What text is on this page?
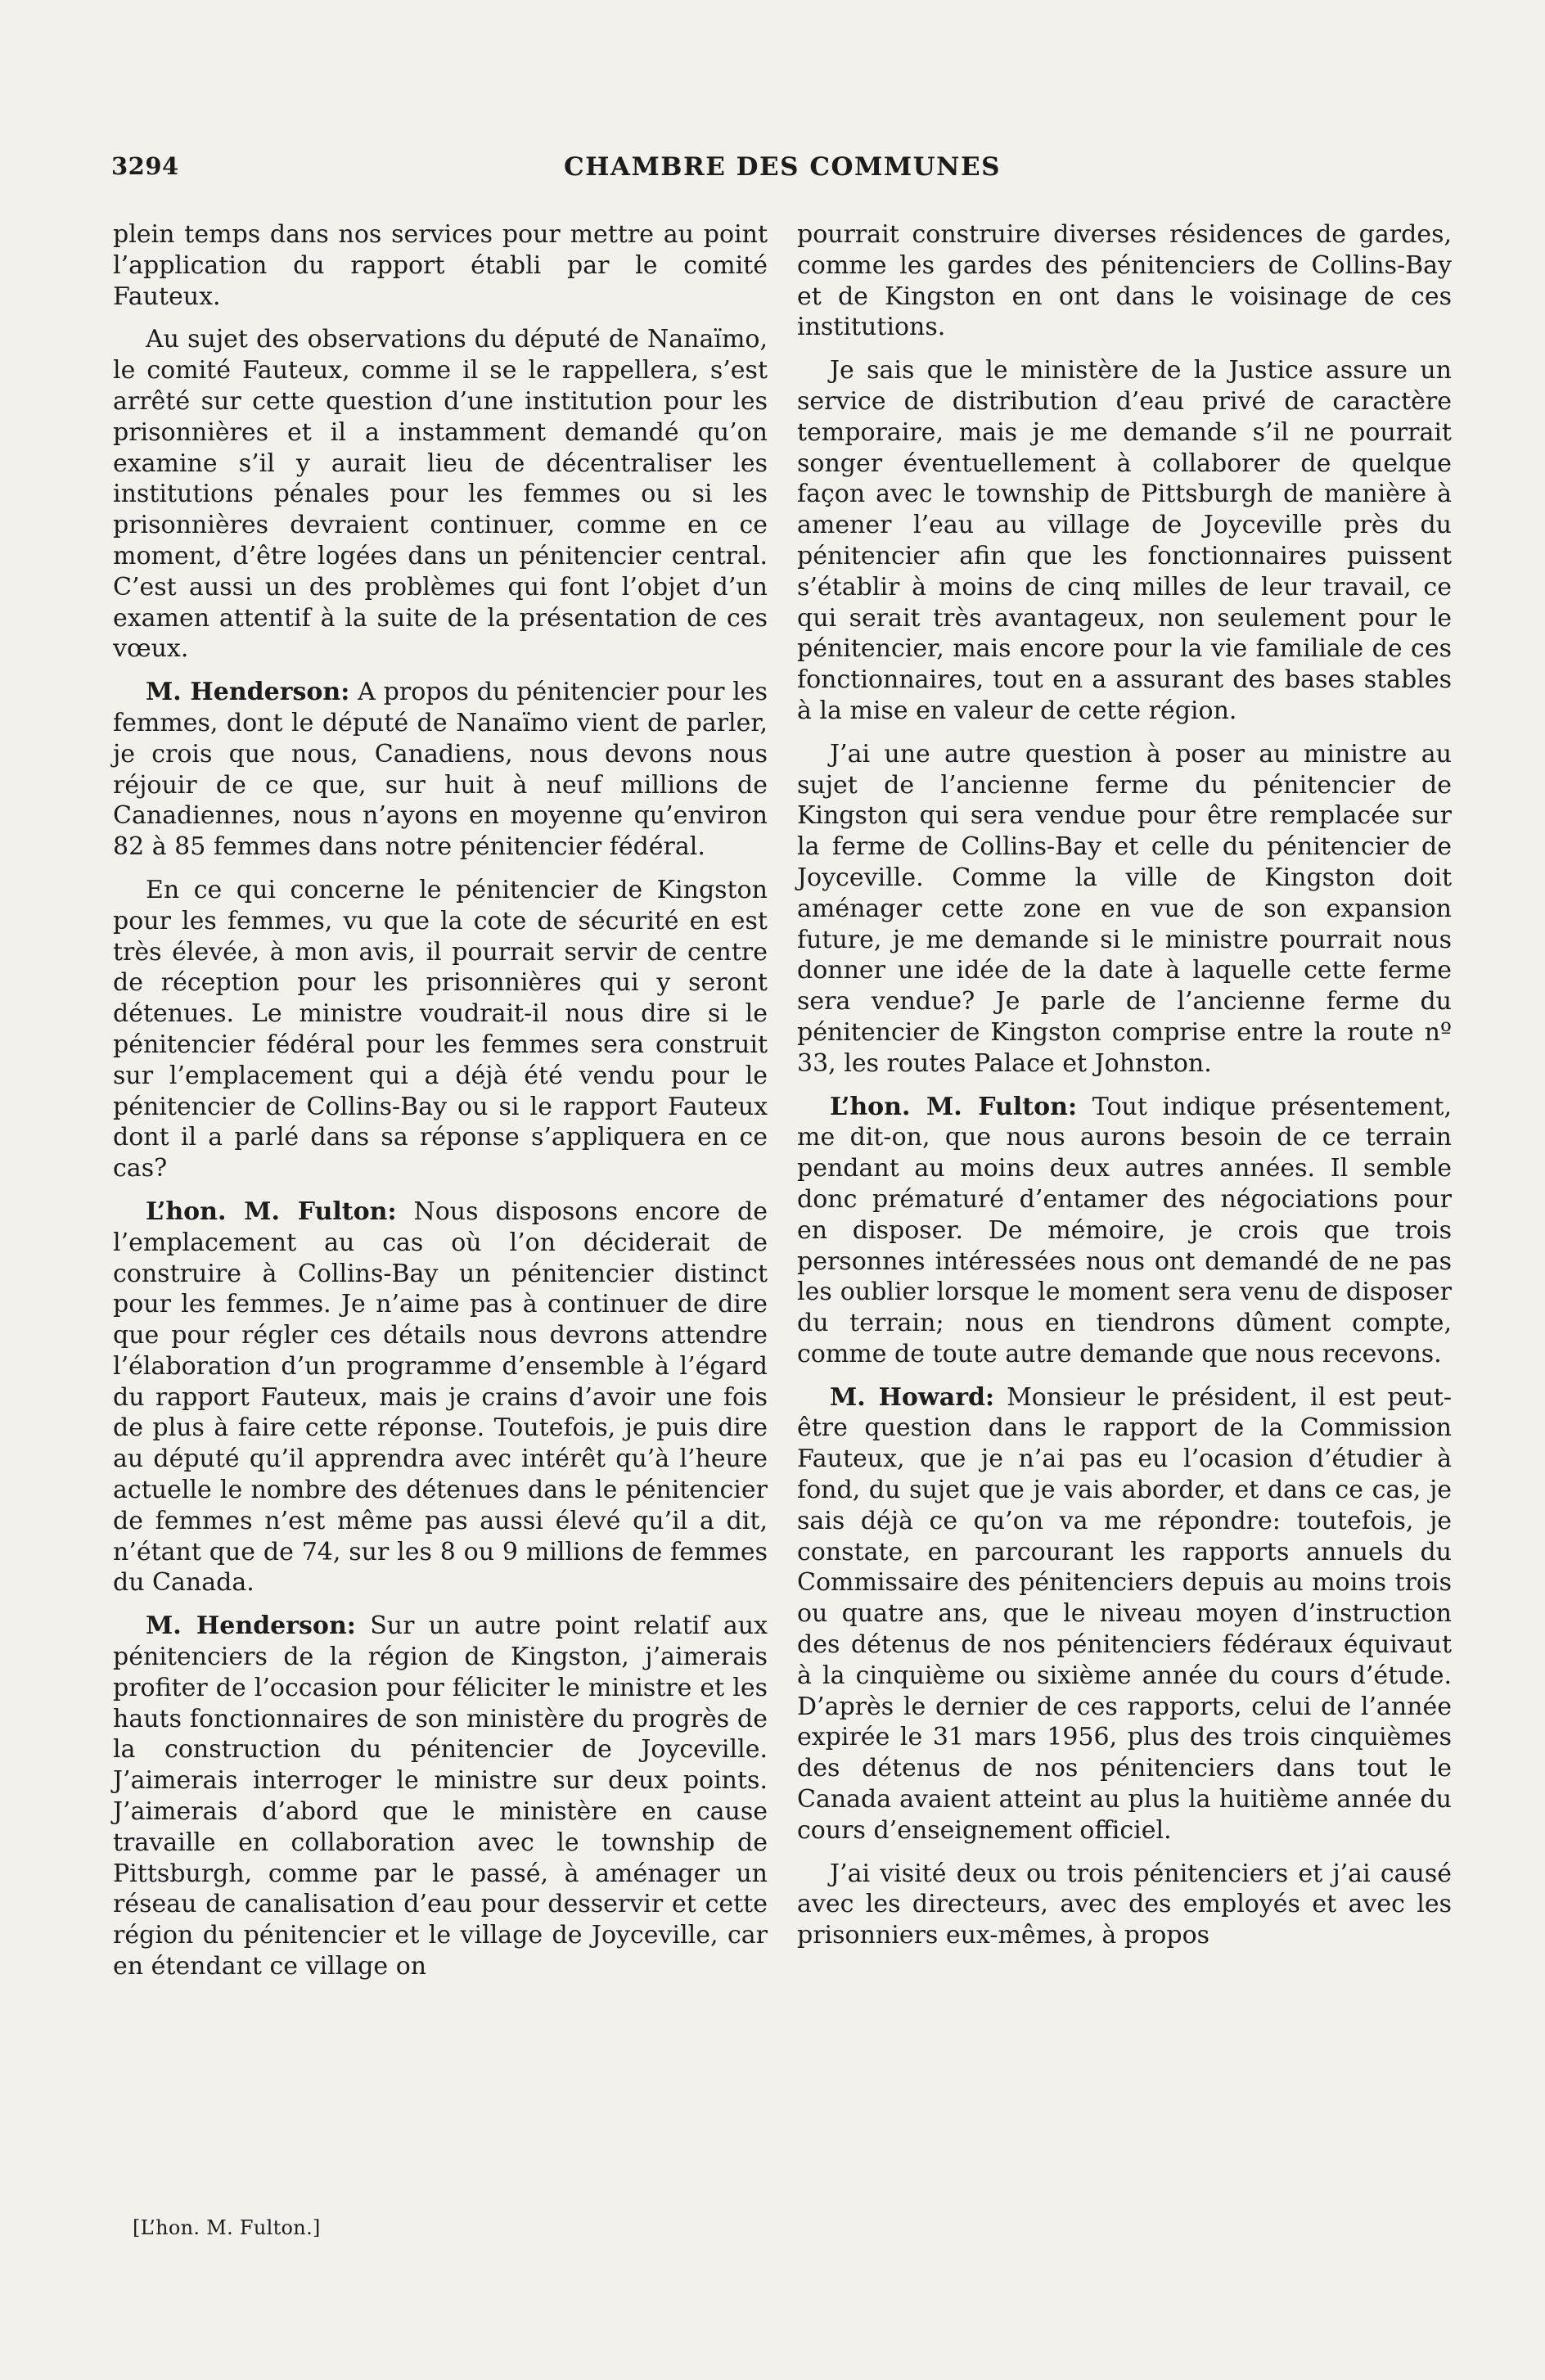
3294	CHAMBRE DES COMMUNES

plein temps dans nos services pour mettre au point l’application du rapport établi par le comité Fauteux.

Au sujet des observations du député de Nanaïmo, le comité Fauteux, comme il se le rappellera, s’est arrêté sur cette question d’une institution pour les prisonnières et il a instamment demandé qu’on examine s’il y aurait lieu de décentraliser les institutions pénales pour les femmes ou si les prisonnières devraient continuer, comme en ce moment, d’être logées dans un pénitencier central. C’est aussi un des problèmes qui font l’objet d’un examen attentif à la suite de la présentation de ces vœux.

M. Henderson: A propos du pénitencier pour les femmes, dont le député de Nanaïmo vient de parler, je crois que nous, Canadiens, nous devons nous réjouir de ce que, sur huit à neuf millions de Canadiennes, nous n’ayons en moyenne qu’environ 82 à 85 femmes dans notre pénitencier fédéral.

En ce qui concerne le pénitencier de Kingston pour les femmes, vu que la cote de sécurité en est très élevée, à mon avis, il pourrait servir de centre de réception pour les prisonnières qui y seront détenues. Le ministre voudrait-il nous dire si le pénitencier fédéral pour les femmes sera construit sur l’emplacement qui a déjà été vendu pour le pénitencier de Collins-Bay ou si le rapport Fauteux dont il a parlé dans sa réponse s’appliquera en ce cas?

L’hon. M. Fulton: Nous disposons encore de l’emplacement au cas où l’on déciderait de construire à Collins-Bay un pénitencier distinct pour les femmes. Je n’aime pas à continuer de dire que pour régler ces détails nous devrons attendre l’élaboration d’un programme d’ensemble à l’égard du rapport Fauteux, mais je crains d’avoir une fois de plus à faire cette réponse. Toutefois, je puis dire au député qu’il apprendra avec intérêt qu’à l’heure actuelle le nombre des détenues dans le pénitencier de femmes n’est même pas aussi élevé qu’il a dit, n’étant que de 74, sur les 8 ou 9 millions de femmes du Canada.

M. Henderson: Sur un autre point relatif aux pénitenciers de la région de Kingston, j’aimerais profiter de l’occasion pour féliciter le ministre et les hauts fonctionnaires de son ministère du progrès de la construction du pénitencier de Joyceville. J’aimerais interroger le ministre sur deux points. J’aimerais d’abord que le ministère en cause travaille en collaboration avec le township de Pittsburgh, comme par le passé, à aménager un réseau de canalisation d’eau pour desservir et cette région du pénitencier et le village de Joyceville, car en étendant ce village on

pourrait construire diverses résidences de gardes, comme les gardes des pénitenciers de Collins-Bay et de Kingston en ont dans le voisinage de ces institutions.

Je sais que le ministère de la Justice assure un service de distribution d’eau privé de caractère temporaire, mais je me demande s’il ne pourrait songer éventuellement à collaborer de quelque façon avec le township de Pittsburgh de manière à amener l’eau au village de Joyceville près du pénitencier afin que les fonctionnaires puissent s’établir à moins de cinq milles de leur travail, ce qui serait très avantageux, non seulement pour le pénitencier, mais encore pour la vie familiale de ces fonctionnaires, tout en a assurant des bases stables à la mise en valeur de cette région.

J’ai une autre question à poser au ministre au sujet de l’ancienne ferme du pénitencier de Kingston qui sera vendue pour être remplacée sur la ferme de Collins-Bay et celle du pénitencier de Joyceville. Comme la ville de Kingston doit aménager cette zone en vue de son expansion future, je me demande si le ministre pourrait nous donner une idée de la date à laquelle cette ferme sera vendue? Je parle de l’ancienne ferme du pénitencier de Kingston comprise entre la route nº 33, les routes Palace et Johnston.

L’hon. M. Fulton: Tout indique présentement, me dit-on, que nous aurons besoin de ce terrain pendant au moins deux autres années. Il semble donc prématuré d’entamer des négociations pour en disposer. De mémoire, je crois que trois personnes intéressées nous ont demandé de ne pas les oublier lorsque le moment sera venu de disposer du terrain; nous en tiendrons dûment compte, comme de toute autre demande que nous recevons.

M. Howard: Monsieur le président, il est peut-être question dans le rapport de la Commission Fauteux, que je n’ai pas eu l’ocasion d’étudier à fond, du sujet que je vais aborder, et dans ce cas, je sais déjà ce qu’on va me répondre: toutefois, je constate, en parcourant les rapports annuels du Commissaire des pénitenciers depuis au moins trois ou quatre ans, que le niveau moyen d’instruction des détenus de nos pénitenciers fédéraux équivaut à la cinquième ou sixième année du cours d’étude. D’après le dernier de ces rapports, celui de l’année expirée le 31 mars 1956, plus des trois cinquièmes des détenus de nos pénitenciers dans tout le Canada avaient atteint au plus la huitième année du cours d’enseignement officiel.

J’ai visité deux ou trois pénitenciers et j’ai causé avec les directeurs, avec des employés et avec les prisonniers eux-mêmes, à propos

[L’hon. M. Fulton.]
